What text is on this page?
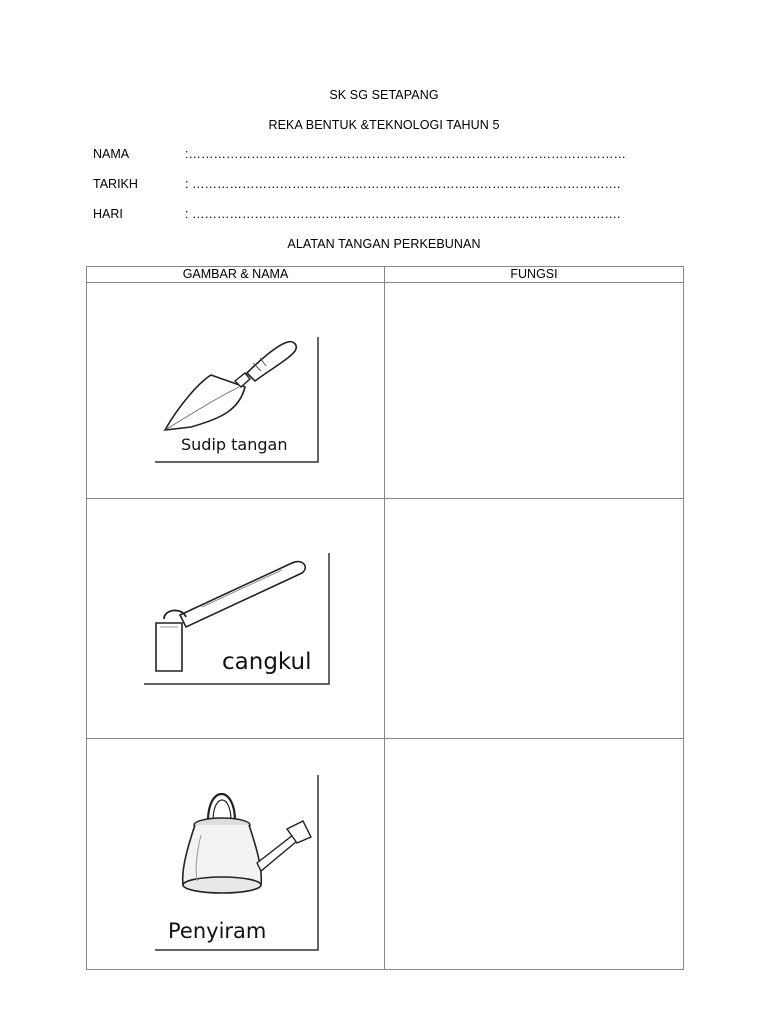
SK SG SETAPANG
REKA BENTUK &TEKNOLOGI TAHUN 5
NAMA	:……………………………………………………………………………………………
TARIKH	: ………………………………………………………………………………………….
HARI	: ………………………………………………………………………………………….
ALATAN TANGAN PERKEBUNAN
GAMBAR & NAMA	FUNGSI

Sudip tangan	

cangkul	

Penyiram	
